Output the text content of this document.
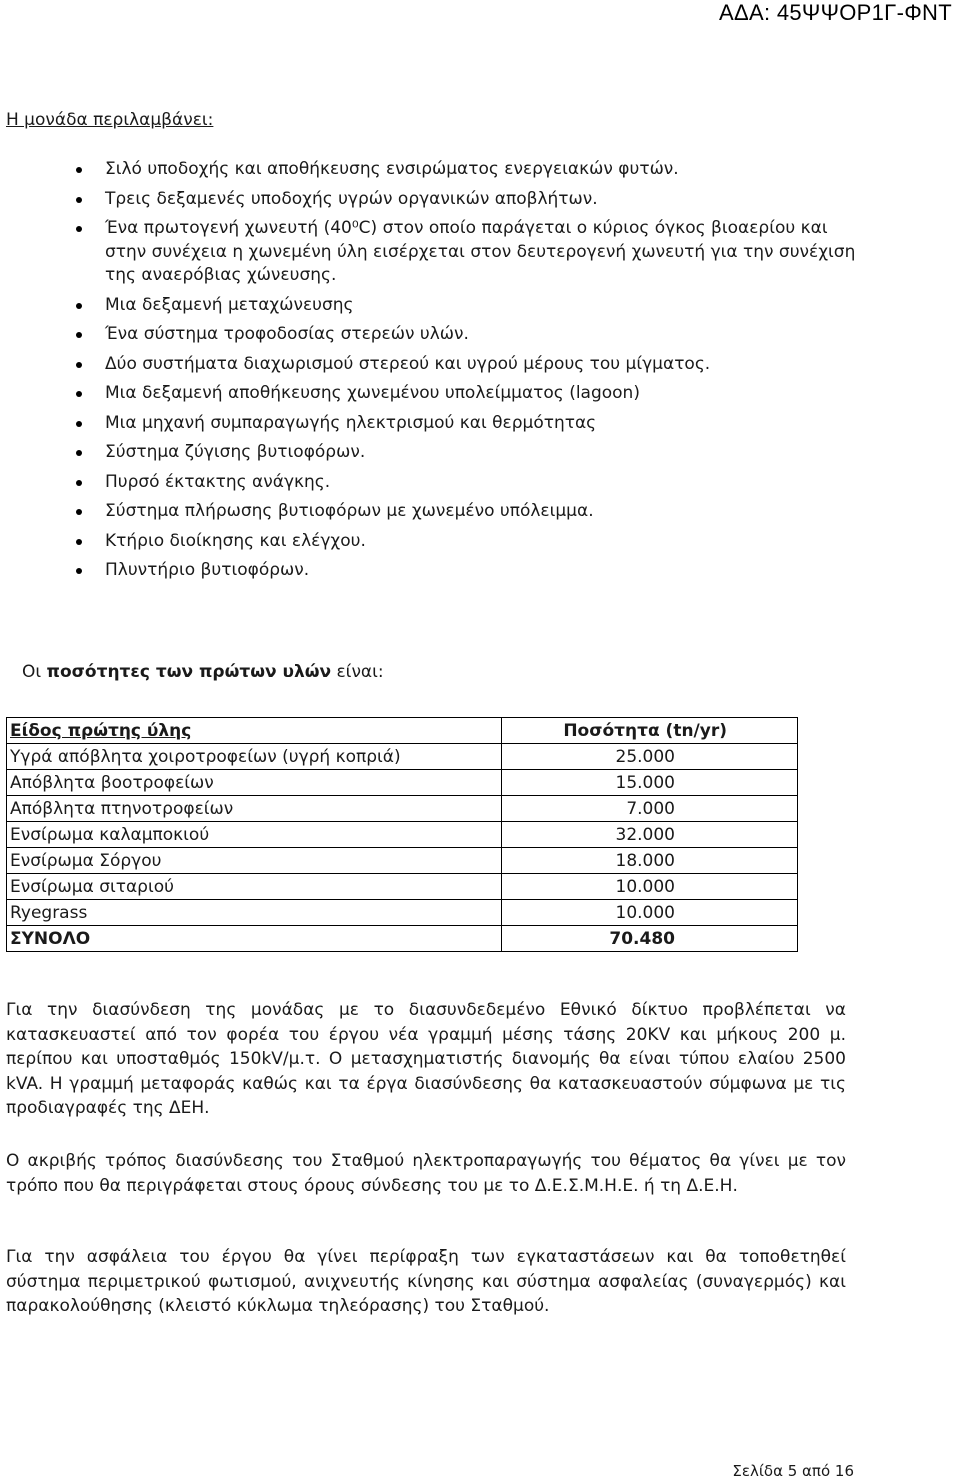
ΑΔΑ: 45ΨΨΟΡ1Γ-ΦΝΤ

Η μονάδα περιλαμβάνει:

Σιλό υποδοχής και αποθήκευσης ενσιρώματος ενεργειακών φυτών.
Τρεις δεξαμενές υποδοχής υγρών οργανικών αποβλήτων.
Ένα πρωτογενή χωνευτή (40⁰C) στον οποίο παράγεται ο κύριος όγκος βιοαερίου και στην συνέχεια η χωνεμένη ύλη εισέρχεται στον δευτερογενή χωνευτή για την συνέχιση της αναερόβιας χώνευσης.
Μια δεξαμενή μεταχώνευσης
Ένα σύστημα τροφοδοσίας στερεών υλών.
Δύο συστήματα διαχωρισμού στερεού και υγρού μέρους του μίγματος.
Μια δεξαμενή αποθήκευσης χωνεμένου υπολείμματος (lagoon)
Μια μηχανή συμπαραγωγής ηλεκτρισμού και θερμότητας
Σύστημα ζύγισης βυτιοφόρων.
Πυρσό έκτακτης ανάγκης.
Σύστημα πλήρωσης βυτιοφόρων με χωνεμένο υπόλειμμα.
Κτήριο διοίκησης και ελέγχου.
Πλυντήριο βυτιοφόρων.

Οι ποσότητες των πρώτων υλών είναι:

Είδος πρώτης ύλης	Ποσότητα (tn/yr)
Υγρά απόβλητα χοιροτροφείων (υγρή κοπριά)	25.000
Απόβλητα βοοτροφείων	15.000
Απόβλητα πτηνοτροφείων	7.000
Ενσίρωμα καλαμποκιού	32.000
Ενσίρωμα Σόργου	18.000
Ενσίρωμα σιταριού	10.000
Ryegrass	10.000
ΣΥΝΟΛΟ	70.480

Για την διασύνδεση της μονάδας με το διασυνδεδεμένο Εθνικό δίκτυο προβλέπεται να κατασκευαστεί από τον φορέα του έργου νέα γραμμή μέσης τάσης 20KV και μήκους 200 μ. περίπου και υποσταθμός 150kV/μ.τ. Ο μετασχηματιστής διανομής θα είναι τύπου ελαίου 2500 kVA. Η γραμμή μεταφοράς καθώς και τα έργα διασύνδεσης θα κατασκευαστούν σύμφωνα με τις προδιαγραφές της ΔΕΗ.

Ο ακριβής τρόπος διασύνδεσης του Σταθμού ηλεκτροπαραγωγής του θέματος θα γίνει με τον τρόπο που θα περιγράφεται στους όρους σύνδεσης του με το Δ.Ε.Σ.Μ.Η.Ε. ή τη Δ.Ε.Η.

Για την ασφάλεια του έργου θα γίνει περίφραξη των εγκαταστάσεων και θα τοποθετηθεί σύστημα περιμετρικού φωτισμού, ανιχνευτής κίνησης και σύστημα ασφαλείας (συναγερμός) και παρακολούθησης (κλειστό κύκλωμα τηλεόρασης) του Σταθμού.

Σελίδα 5 από 16
